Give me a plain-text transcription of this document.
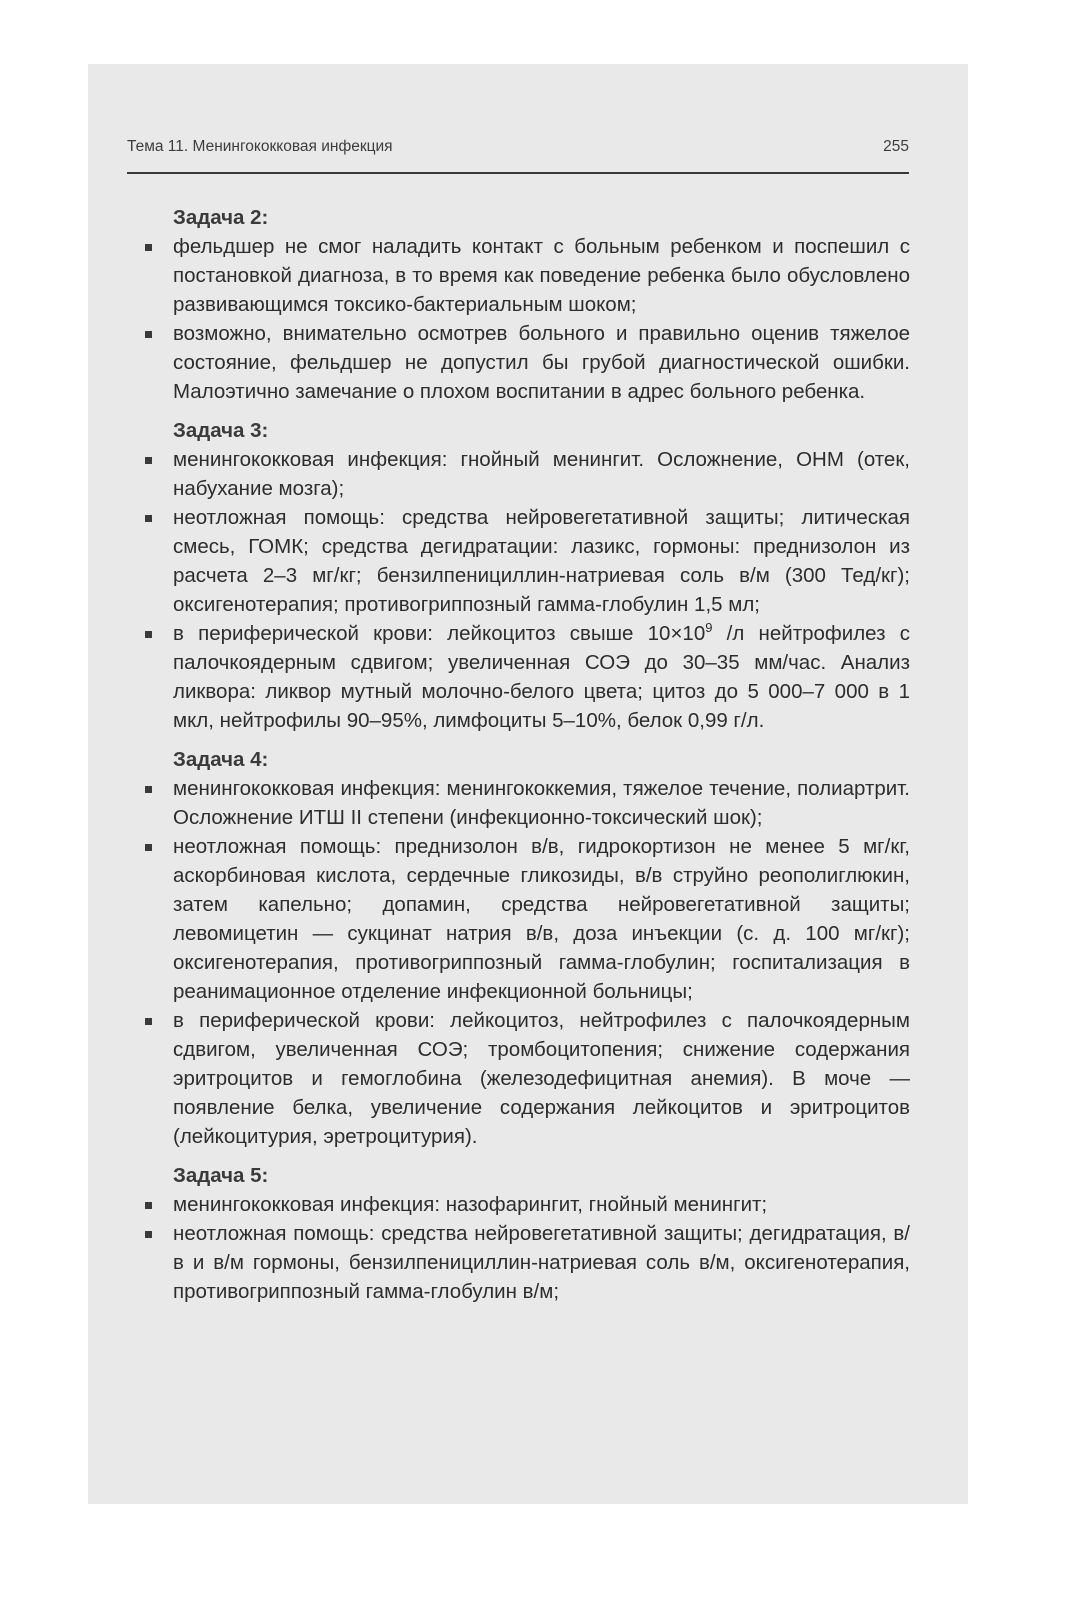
Тема 11. Менингококковая инфекция	255
Задача 2:
фельдшер не смог наладить контакт с больным ребенком и поспешил с постановкой диагноза, в то время как поведение ребенка было обусловлено развивающимся токсико-бактериальным шоком;
возможно, внимательно осмотрев больного и правильно оценив тяжелое состояние, фельдшер не допустил бы грубой диагностической ошибки. Малоэтично замечание о плохом воспитании в адрес больного ребенка.
Задача 3:
менингококковая инфекция: гнойный менингит. Осложнение, ОНМ (отек, набухание мозга);
неотложная помощь: средства нейровегетативной защиты; литическая смесь, ГОМК; средства дегидратации: лазикс, гормоны: преднизолон из расчета 2–3 мг/кг; бензилпенициллин-натриевая соль в/м (300 Тед/кг); оксигенотерапия; противогриппозный гамма-глобулин 1,5 мл;
в периферической крови: лейкоцитоз свыше $10\times 10^9$ /л нейтрофилез с палочкоядерным сдвигом; увеличенная СОЭ до 30–35 мм/час. Анализ ликвора: ликвор мутный молочно-белого цвета; цитоз до 5 000–7 000 в 1 мкл, нейтрофилы 90–95%, лимфоциты 5–10%, белок 0,99 г/л.
Задача 4:
менингококковая инфекция: менингококкемия, тяжелое течение, полиартрит. Осложнение ИТШ II степени (инфекционно-токсический шок);
неотложная помощь: преднизолон в/в, гидрокортизон не менее 5 мг/кг, аскорбиновая кислота, сердечные гликозиды, в/в струйно реополиглюкин, затем капельно; допамин, средства нейровегетативной защиты; левомицетин — сукцинат натрия в/в, доза инъекции (с. д. 100 мг/кг); оксигенотерапия, противогриппозный гамма-глобулин; госпитализация в реанимационное отделение инфекционной больницы;
в периферической крови: лейкоцитоз, нейтрофилез с палочкоядерным сдвигом, увеличенная СОЭ; тромбоцитопения; снижение содержания эритроцитов и гемоглобина (железодефицитная анемия). В моче — появление белка, увеличение содержания лейкоцитов и эритроцитов (лейкоцитурия, эретроцитурия).
Задача 5:
менингококковая инфекция: назофарингит, гнойный менингит;
неотложная помощь: средства нейровегетативной защиты; дегидратация, в/в и в/м гормоны, бензилпенициллин-натриевая соль в/м, оксигенотерапия, противогриппозный гамма-глобулин в/м;
